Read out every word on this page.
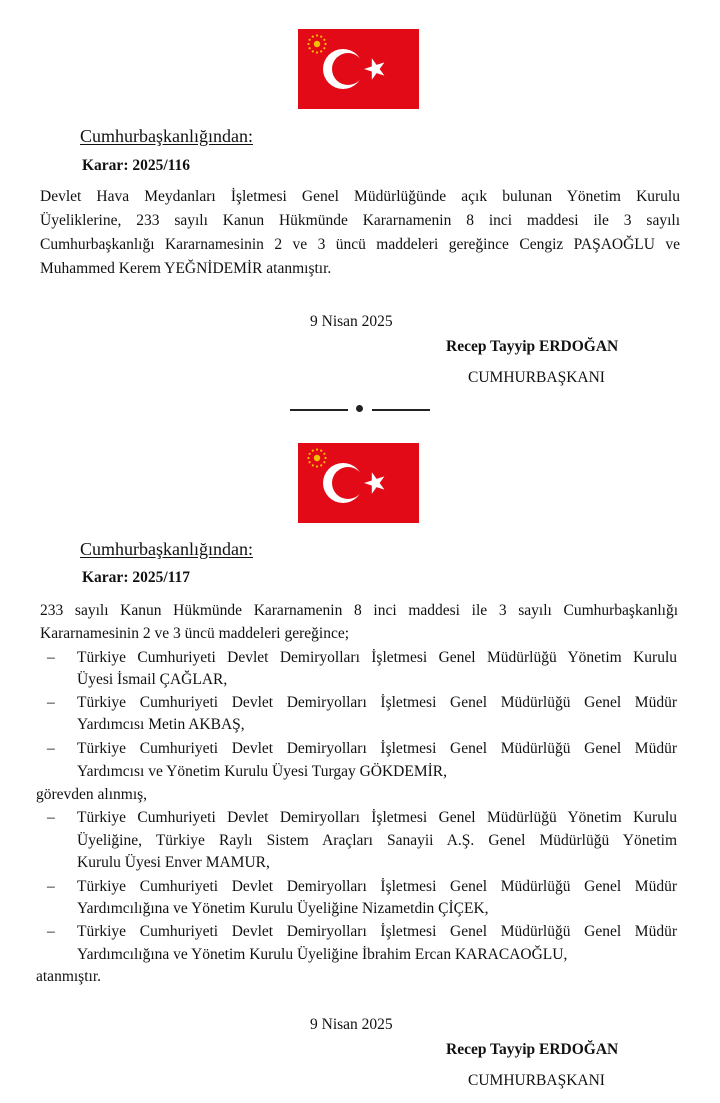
Cumhurbaşkanlığından:
Karar: 2025/116
Devlet Hava Meydanları İşletmesi Genel Müdürlüğünde açık bulunan Yönetim Kurulu
Üyeliklerine, 233 sayılı Kanun Hükmünde Kararnamenin 8 inci maddesi ile 3 sayılı
Cumhurbaşkanlığı Kararnamesinin 2 ve 3 üncü maddeleri gereğince Cengiz PAŞAOĞLU ve
Muhammed Kerem YEĞNİDEMİR atanmıştır.
9 Nisan 2025
Recep Tayyip ERDOĞAN
CUMHURBAŞKANI
Cumhurbaşkanlığından:
Karar: 2025/117
233 sayılı Kanun Hükmünde Kararnamenin 8 inci maddesi ile 3 sayılı Cumhurbaşkanlığı
Kararnamesinin 2 ve 3 üncü maddeleri gereğince;
– Türkiye Cumhuriyeti Devlet Demiryolları İşletmesi Genel Müdürlüğü Yönetim Kurulu
Üyesi İsmail ÇAĞLAR,
– Türkiye Cumhuriyeti Devlet Demiryolları İşletmesi Genel Müdürlüğü Genel Müdür
Yardımcısı Metin AKBAŞ,
– Türkiye Cumhuriyeti Devlet Demiryolları İşletmesi Genel Müdürlüğü Genel Müdür
Yardımcısı ve Yönetim Kurulu Üyesi Turgay GÖKDEMİR,
görevden alınmış,
– Türkiye Cumhuriyeti Devlet Demiryolları İşletmesi Genel Müdürlüğü Yönetim Kurulu
Üyeliğine, Türkiye Raylı Sistem Araçları Sanayii A.Ş. Genel Müdürlüğü Yönetim
Kurulu Üyesi Enver MAMUR,
– Türkiye Cumhuriyeti Devlet Demiryolları İşletmesi Genel Müdürlüğü Genel Müdür
Yardımcılığına ve Yönetim Kurulu Üyeliğine Nizametdin ÇİÇEK,
– Türkiye Cumhuriyeti Devlet Demiryolları İşletmesi Genel Müdürlüğü Genel Müdür
Yardımcılığına ve Yönetim Kurulu Üyeliğine İbrahim Ercan KARACAOĞLU,
atanmıştır.
9 Nisan 2025
Recep Tayyip ERDOĞAN
CUMHURBAŞKANI
